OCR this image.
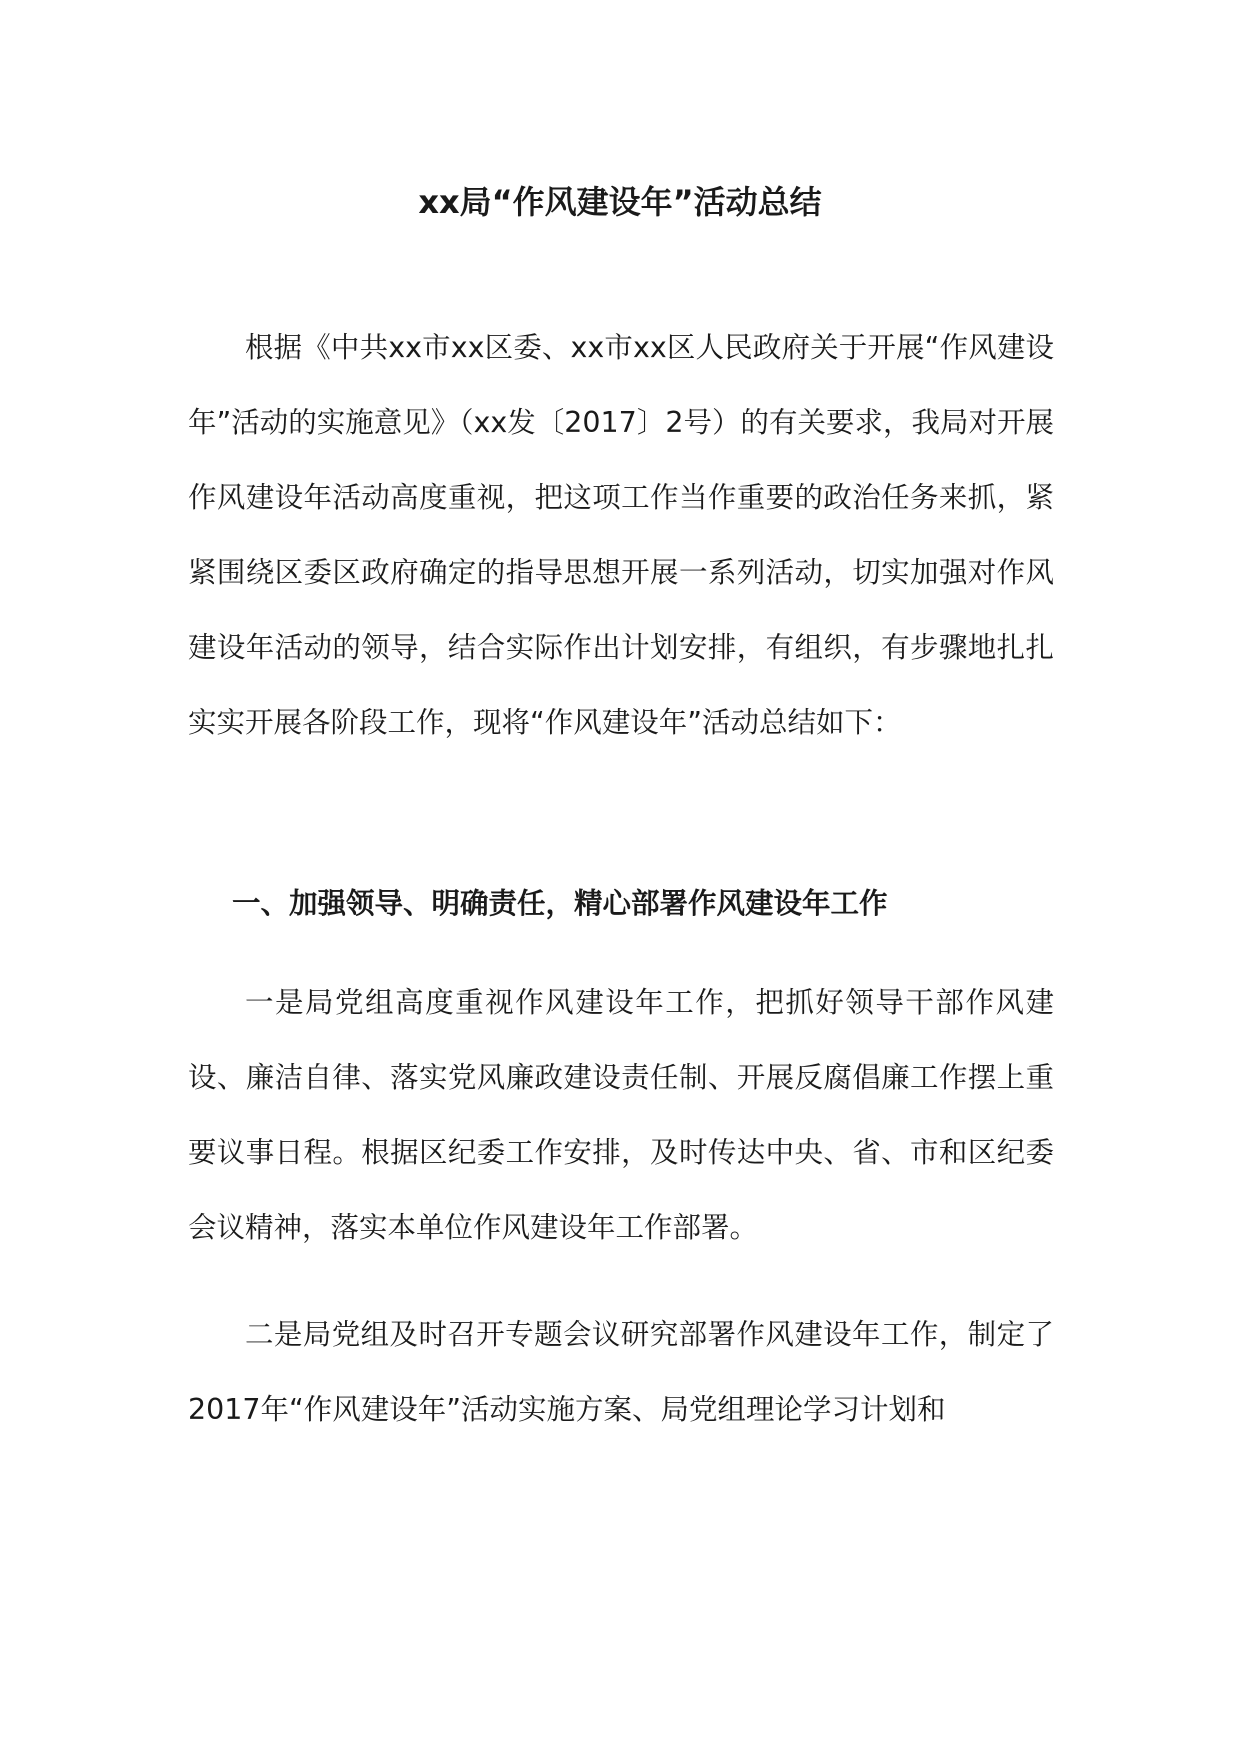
xx局“作风建设年”活动总结

根据《中共xx市xx区委、xx市xx区人民政府关于开展“作风建设年”活动的实施意见》（xx发〔2017〕2号）的有关要求，我局对开展作风建设年活动高度重视，把这项工作当作重要的政治任务来抓，紧紧围绕区委区政府确定的指导思想开展一系列活动，切实加强对作风建设年活动的领导，结合实际作出计划安排，有组织，有步骤地扎扎实实开展各阶段工作，现将“作风建设年”活动总结如下：

一、加强领导、明确责任，精心部署作风建设年工作

一是局党组高度重视作风建设年工作，把抓好领导干部作风建设、廉洁自律、落实党风廉政建设责任制、开展反腐倡廉工作摆上重要议事日程。根据区纪委工作安排，及时传达中央、省、市和区纪委会议精神，落实本单位作风建设年工作部署。

二是局党组及时召开专题会议研究部署作风建设年工作，制定了2017年“作风建设年”活动实施方案、局党组理论学习计划和
